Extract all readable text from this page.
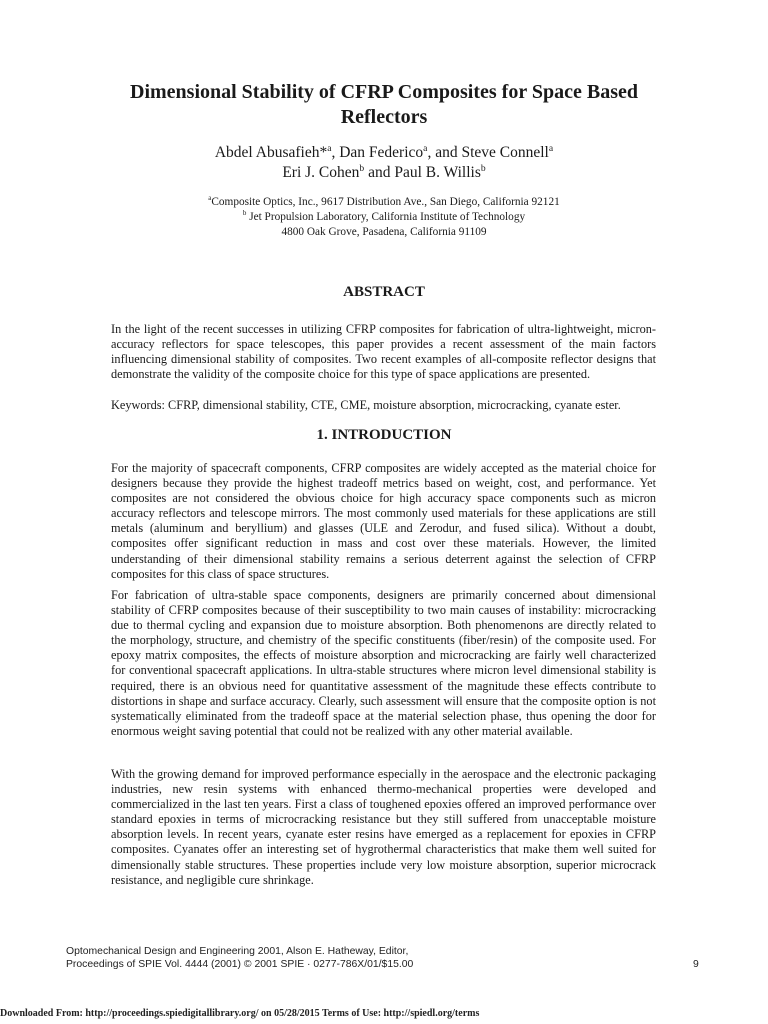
Dimensional Stability of CFRP Composites for Space Based Reflectors
Abdel Abusafieh*$^a$, Dan Federico$^a$, and Steve Connell$^a$
Eri J. Cohen$^b$ and Paul B. Willis$^b$
$^a$Composite Optics, Inc., 9617 Distribution Ave., San Diego, California 92121
$^b$ Jet Propulsion Laboratory, California Institute of Technology
4800 Oak Grove, Pasadena, California 91109
ABSTRACT
In the light of the recent successes in utilizing CFRP composites for fabrication of ultra-lightweight, micron-accuracy reflectors for space telescopes, this paper provides a recent assessment of the main factors influencing dimensional stability of composites. Two recent examples of all-composite reflector designs that demonstrate the validity of the composite choice for this type of space applications are presented.
Keywords: CFRP, dimensional stability, CTE, CME, moisture absorption, microcracking, cyanate ester.
1. INTRODUCTION
For the majority of spacecraft components, CFRP composites are widely accepted as the material choice for designers because they provide the highest tradeoff metrics based on weight, cost, and performance. Yet composites are not considered the obvious choice for high accuracy space components such as micron accuracy reflectors and telescope mirrors. The most commonly used materials for these applications are still metals (aluminum and beryllium) and glasses (ULE and Zerodur, and fused silica). Without a doubt, composites offer significant reduction in mass and cost over these materials. However, the limited understanding of their dimensional stability remains a serious deterrent against the selection of CFRP composites for this class of space structures.
For fabrication of ultra-stable space components, designers are primarily concerned about dimensional stability of CFRP composites because of their susceptibility to two main causes of instability: microcracking due to thermal cycling and expansion due to moisture absorption. Both phenomenons are directly related to the morphology, structure, and chemistry of the specific constituents (fiber/resin) of the composite used. For epoxy matrix composites, the effects of moisture absorption and microcracking are fairly well characterized for conventional spacecraft applications. In ultra-stable structures where micron level dimensional stability is required, there is an obvious need for quantitative assessment of the magnitude these effects contribute to distortions in shape and surface accuracy. Clearly, such assessment will ensure that the composite option is not systematically eliminated from the tradeoff space at the material selection phase, thus opening the door for enormous weight saving potential that could not be realized with any other material available.
With the growing demand for improved performance especially in the aerospace and the electronic packaging industries, new resin systems with enhanced thermo-mechanical properties were developed and commercialized in the last ten years. First a class of toughened epoxies offered an improved performance over standard epoxies in terms of microcracking resistance but they still suffered from unacceptable moisture absorption levels. In recent years, cyanate ester resins have emerged as a replacement for epoxies in CFRP composites. Cyanates offer an interesting set of hygrothermal characteristics that make them well suited for dimensionally stable structures. These properties include very low moisture absorption, superior microcrack resistance, and negligible cure shrinkage.
Optomechanical Design and Engineering 2001, Alson E. Hatheway, Editor,
Proceedings of SPIE Vol. 4444 (2001) © 2001 SPIE · 0277-786X/01/$15.00	9
Downloaded From: http://proceedings.spiedigitallibrary.org/ on 05/28/2015 Terms of Use: http://spiedl.org/terms
